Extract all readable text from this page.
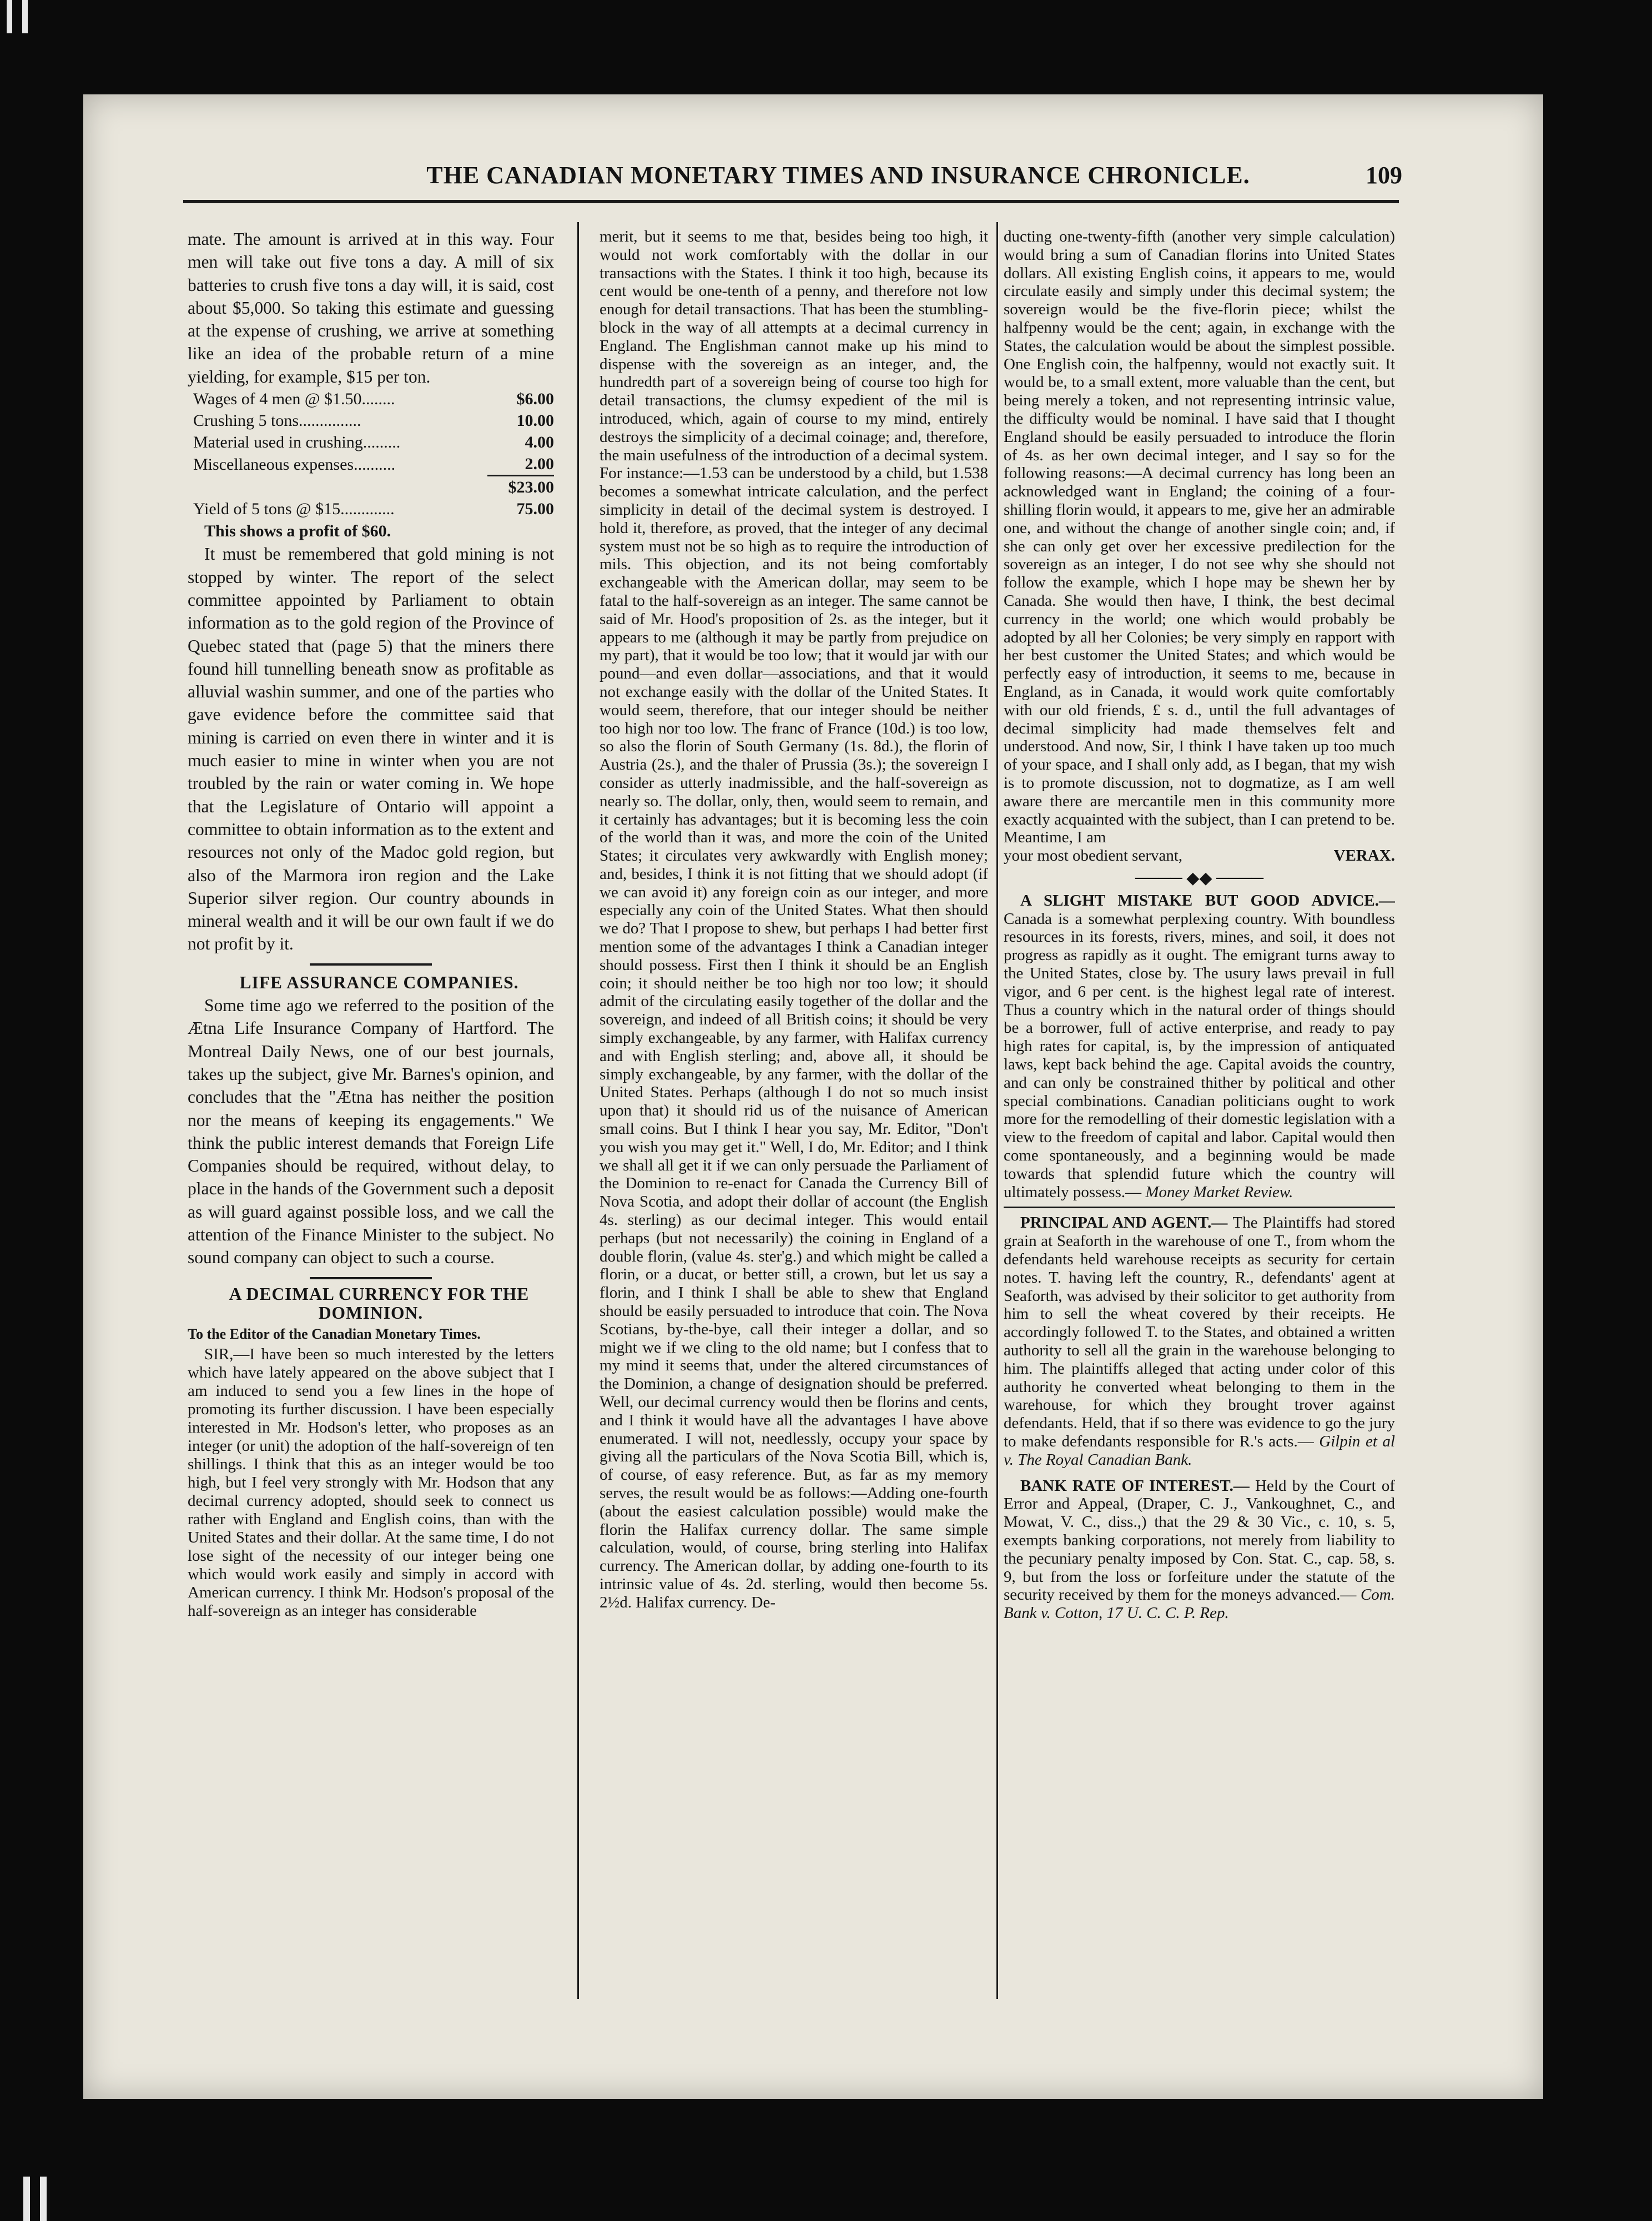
THE CANADIAN MONETARY TIMES AND INSURANCE CHRONICLE.	109

mate. The amount is arrived at in this way. Four men will take out five tons a day. A mill of six batteries to crush five tons a day will, it is said, cost about $5,000. So taking this estimate and guessing at the expense of crushing, we arrive at something like an idea of the probable return of a mine yielding, for example, $15 per ton.

Wages of 4 men @ $1.50........	$6.00
Crushing 5 tons...............	10.00
Material used in crushing.........	4.00
Miscellaneous expenses..........	2.00
	$23.00
Yield of 5 tons @ $15.............	75.00

This shows a profit of $60.

It must be remembered that gold mining is not stopped by winter. The report of the select committee appointed by Parliament to obtain information as to the gold region of the Province of Quebec stated that (page 5) that the miners there found hill tunnelling beneath snow as profitable as alluvial washin summer, and one of the parties who gave evidence before the committee said that mining is carried on even there in winter and it is much easier to mine in winter when you are not troubled by the rain or water coming in. We hope that the Legislature of Ontario will appoint a committee to obtain information as to the extent and resources not only of the Madoc gold region, but also of the Marmora iron region and the Lake Superior silver region. Our country abounds in mineral wealth and it will be our own fault if we do not profit by it.

LIFE ASSURANCE COMPANIES.

Some time ago we referred to the position of the Ætna Life Insurance Company of Hartford. The Montreal Daily News, one of our best journals, takes up the subject, give Mr. Barnes's opinion, and concludes that the "Ætna has neither the position nor the means of keeping its engagements." We think the public interest demands that Foreign Life Companies should be required, without delay, to place in the hands of the Government such a deposit as will guard against possible loss, and we call the attention of the Finance Minister to the subject. No sound company can object to such a course.

A DECIMAL CURRENCY FOR THE DOMINION.

To the Editor of the Canadian Monetary Times.

SIR,—I have been so much interested by the letters which have lately appeared on the above subject that I am induced to send you a few lines in the hope of promoting its further discussion. I have been especially interested in Mr. Hodson's letter, who proposes as an integer (or unit) the adoption of the half-sovereign of ten shillings. I think that this as an integer would be too high, but I feel very strongly with Mr. Hodson that any decimal currency adopted, should seek to connect us rather with England and English coins, than with the United States and their dollar. At the same time, I do not lose sight of the necessity of our integer being one which would work easily and simply in accord with American currency. I think Mr. Hodson's proposal of the half-sovereign as an integer has considerable

merit, but it seems to me that, besides being too high, it would not work comfortably with the dollar in our transactions with the States. I think it too high, because its cent would be one-tenth of a penny, and therefore not low enough for detail transactions. That has been the stumbling-block in the way of all attempts at a decimal currency in England. The Englishman cannot make up his mind to dispense with the sovereign as an integer, and, the hundredth part of a sovereign being of course too high for detail transactions, the clumsy expedient of the mil is introduced, which, again of course to my mind, entirely destroys the simplicity of a decimal coinage; and, therefore, the main usefulness of the introduction of a decimal system. For instance:—1.53 can be understood by a child, but 1.538 becomes a somewhat intricate calculation, and the perfect simplicity in detail of the decimal system is destroyed. I hold it, therefore, as proved, that the integer of any decimal system must not be so high as to require the introduction of mils. This objection, and its not being comfortably exchangeable with the American dollar, may seem to be fatal to the half-sovereign as an integer. The same cannot be said of Mr. Hood's proposition of 2s. as the integer, but it appears to me (although it may be partly from prejudice on my part), that it would be too low; that it would jar with our pound—and even dollar—associations, and that it would not exchange easily with the dollar of the United States. It would seem, therefore, that our integer should be neither too high nor too low. The franc of France (10d.) is too low, so also the florin of South Germany (1s. 8d.), the florin of Austria (2s.), and the thaler of Prussia (3s.); the sovereign I consider as utterly inadmissible, and the half-sovereign as nearly so. The dollar, only, then, would seem to remain, and it certainly has advantages; but it is becoming less the coin of the world than it was, and more the coin of the United States; it circulates very awkwardly with English money; and, besides, I think it is not fitting that we should adopt (if we can avoid it) any foreign coin as our integer, and more especially any coin of the United States. What then should we do? That I propose to shew, but perhaps I had better first mention some of the advantages I think a Canadian integer should possess. First then I think it should be an English coin; it should neither be too high nor too low; it should admit of the circulating easily together of the dollar and the sovereign, and indeed of all British coins; it should be very simply exchangeable, by any farmer, with Halifax currency and with English sterling; and, above all, it should be simply exchangeable, by any farmer, with the dollar of the United States. Perhaps (although I do not so much insist upon that) it should rid us of the nuisance of American small coins. But I think I hear you say, Mr. Editor, "Don't you wish you may get it." Well, I do, Mr. Editor; and I think we shall all get it if we can only persuade the Parliament of the Dominion to re-enact for Canada the Currency Bill of Nova Scotia, and adopt their dollar of account (the English 4s. sterling) as our decimal integer. This would entail perhaps (but not necessarily) the coining in England of a double florin, (value 4s. ster'g.) and which might be called a florin, or a ducat, or better still, a crown, but let us say a florin, and I think I shall be able to shew that England should be easily persuaded to introduce that coin. The Nova Scotians, by-the-bye, call their integer a dollar, and so might we if we cling to the old name; but I confess that to my mind it seems that, under the altered circumstances of the Dominion, a change of designation should be preferred. Well, our decimal currency would then be florins and cents, and I think it would have all the advantages I have above enumerated. I will not, needlessly, occupy your space by giving all the particulars of the Nova Scotia Bill, which is, of course, of easy reference. But, as far as my memory serves, the result would be as follows:—Adding one-fourth (about the easiest calculation possible) would make the florin the Halifax currency dollar. The same simple calculation, would, of course, bring sterling into Halifax currency. The American dollar, by adding one-fourth to its intrinsic value of 4s. 2d. sterling, would then become 5s. 2½d. Halifax currency. De-

ducting one-twenty-fifth (another very simple calculation) would bring a sum of Canadian florins into United States dollars. All existing English coins, it appears to me, would circulate easily and simply under this decimal system; the sovereign would be the five-florin piece; whilst the halfpenny would be the cent; again, in exchange with the States, the calculation would be about the simplest possible. One English coin, the halfpenny, would not exactly suit. It would be, to a small extent, more valuable than the cent, but being merely a token, and not representing intrinsic value, the difficulty would be nominal. I have said that I thought England should be easily persuaded to introduce the florin of 4s. as her own decimal integer, and I say so for the following reasons:—A decimal currency has long been an acknowledged want in England; the coining of a four-shilling florin would, it appears to me, give her an admirable one, and without the change of another single coin; and, if she can only get over her excessive predilection for the sovereign as an integer, I do not see why she should not follow the example, which I hope may be shewn her by Canada. She would then have, I think, the best decimal currency in the world; one which would probably be adopted by all her Colonies; be very simply en rapport with her best customer the United States; and which would be perfectly easy of introduction, it seems to me, because in England, as in Canada, it would work quite comfortably with our old friends, £ s. d., until the full advantages of decimal simplicity had made themselves felt and understood. And now, Sir, I think I have taken up too much of your space, and I shall only add, as I began, that my wish is to promote discussion, not to dogmatize, as I am well aware there are mercantile men in this community more exactly acquainted with the subject, than I can pretend to be. Meantime, I am

your most obedient servant,	VERAX.

──── ◆◆ ────

A SLIGHT MISTAKE BUT GOOD ADVICE.— Canada is a somewhat perplexing country. With boundless resources in its forests, rivers, mines, and soil, it does not progress as rapidly as it ought. The emigrant turns away to the United States, close by. The usury laws prevail in full vigor, and 6 per cent. is the highest legal rate of interest. Thus a country which in the natural order of things should be a borrower, full of active enterprise, and ready to pay high rates for capital, is, by the impression of antiquated laws, kept back behind the age. Capital avoids the country, and can only be constrained thither by political and other special combinations. Canadian politicians ought to work more for the remodelling of their domestic legislation with a view to the freedom of capital and labor. Capital would then come spontaneously, and a beginning would be made towards that splendid future which the country will ultimately possess.— Money Market Review.

PRINCIPAL AND AGENT.— The Plaintiffs had stored grain at Seaforth in the warehouse of one T., from whom the defendants held warehouse receipts as security for certain notes. T. having left the country, R., defendants' agent at Seaforth, was advised by their solicitor to get authority from him to sell the wheat covered by their receipts. He accordingly followed T. to the States, and obtained a written authority to sell all the grain in the warehouse belonging to him. The plaintiffs alleged that acting under color of this authority he converted wheat belonging to them in the warehouse, for which they brought trover against defendants. Held, that if so there was evidence to go the jury to make defendants responsible for R.'s acts.— Gilpin et al v. The Royal Canadian Bank.

BANK RATE OF INTEREST.— Held by the Court of Error and Appeal, (Draper, C. J., Vankoughnet, C., and Mowat, V. C., diss.,) that the 29 & 30 Vic., c. 10, s. 5, exempts banking corporations, not merely from liability to the pecuniary penalty imposed by Con. Stat. C., cap. 58, s. 9, but from the loss or forfeiture under the statute of the security received by them for the moneys advanced.— Com. Bank v. Cotton, 17 U. C. C. P. Rep.
